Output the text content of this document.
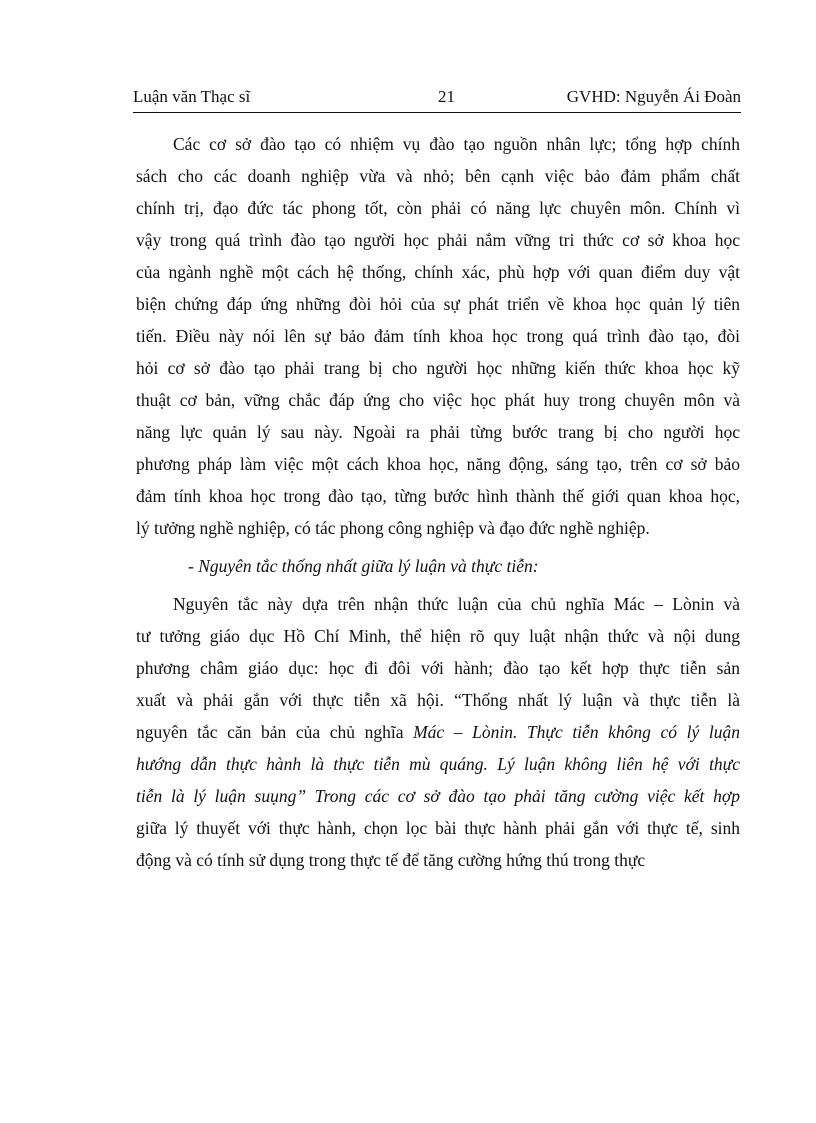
Luận văn Thạc sĩ	21	GVHD: Nguyễn Ái Đoàn
Các cơ sở đào tạo có nhiệm vụ đào tạo nguồn nhân lực; tổng hợp chính
sách cho các doanh nghiệp vừa và nhỏ; bên cạnh việc bảo đảm phẩm chất
chính trị, đạo đức tác phong tốt, còn phải có năng lực chuyên môn. Chính vì
vậy trong quá trình đào tạo người học phải nắm vững tri thức cơ sở khoa học
của ngành nghề một cách hệ thống, chính xác, phù hợp với quan điểm duy vật
biện chứng đáp ứng những đòi hỏi của sự phát triển về khoa học quản lý tiên
tiến. Điều này nói lên sự bảo đảm tính khoa học trong quá trình đào tạo, đòi
hỏi cơ sở đào tạo phải trang bị cho người học những kiến thức khoa học kỹ
thuật cơ bản, vững chắc đáp ứng cho việc học phát huy trong chuyên môn và
năng lực quản lý sau này. Ngoài ra phải từng bước trang bị cho người học
phương pháp làm việc một cách khoa học, năng động, sáng tạo, trên cơ sở bảo
đảm tính khoa học trong đào tạo, từng bước hình thành thế giới quan khoa học,
lý tưởng nghề nghiệp, có tác phong công nghiệp và đạo đức nghề nghiệp.
- Nguyên tắc thống nhất giữa lý luận và thực tiễn:
Nguyên tắc này dựa trên nhận thức luận của chủ nghĩa Mác – Lònin và
tư tưởng giáo dục Hồ Chí Minh, thể hiện rõ quy luật nhận thức và nội dung
phương châm giáo dục: học đi đôi với hành; đào tạo kết hợp thực tiễn sản
xuất và phải gắn với thực tiễn xã hội. “Thống nhất lý luận và thực tiễn là
nguyên tắc căn bản của chủ nghĩa Mác – Lònin. Thực tiễn không có lý luận
hướng dẫn thực hành là thực tiễn mù quáng. Lý luận không liên hệ với thực
tiễn là lý luận suụng” Trong các cơ sở đào tạo phải tăng cường việc kết hợp
giữa lý thuyết với thực hành, chọn lọc bài thực hành phải gắn với thực tế, sinh
động và có tính sử dụng trong thực tế để tăng cường hứng thú trong thực
